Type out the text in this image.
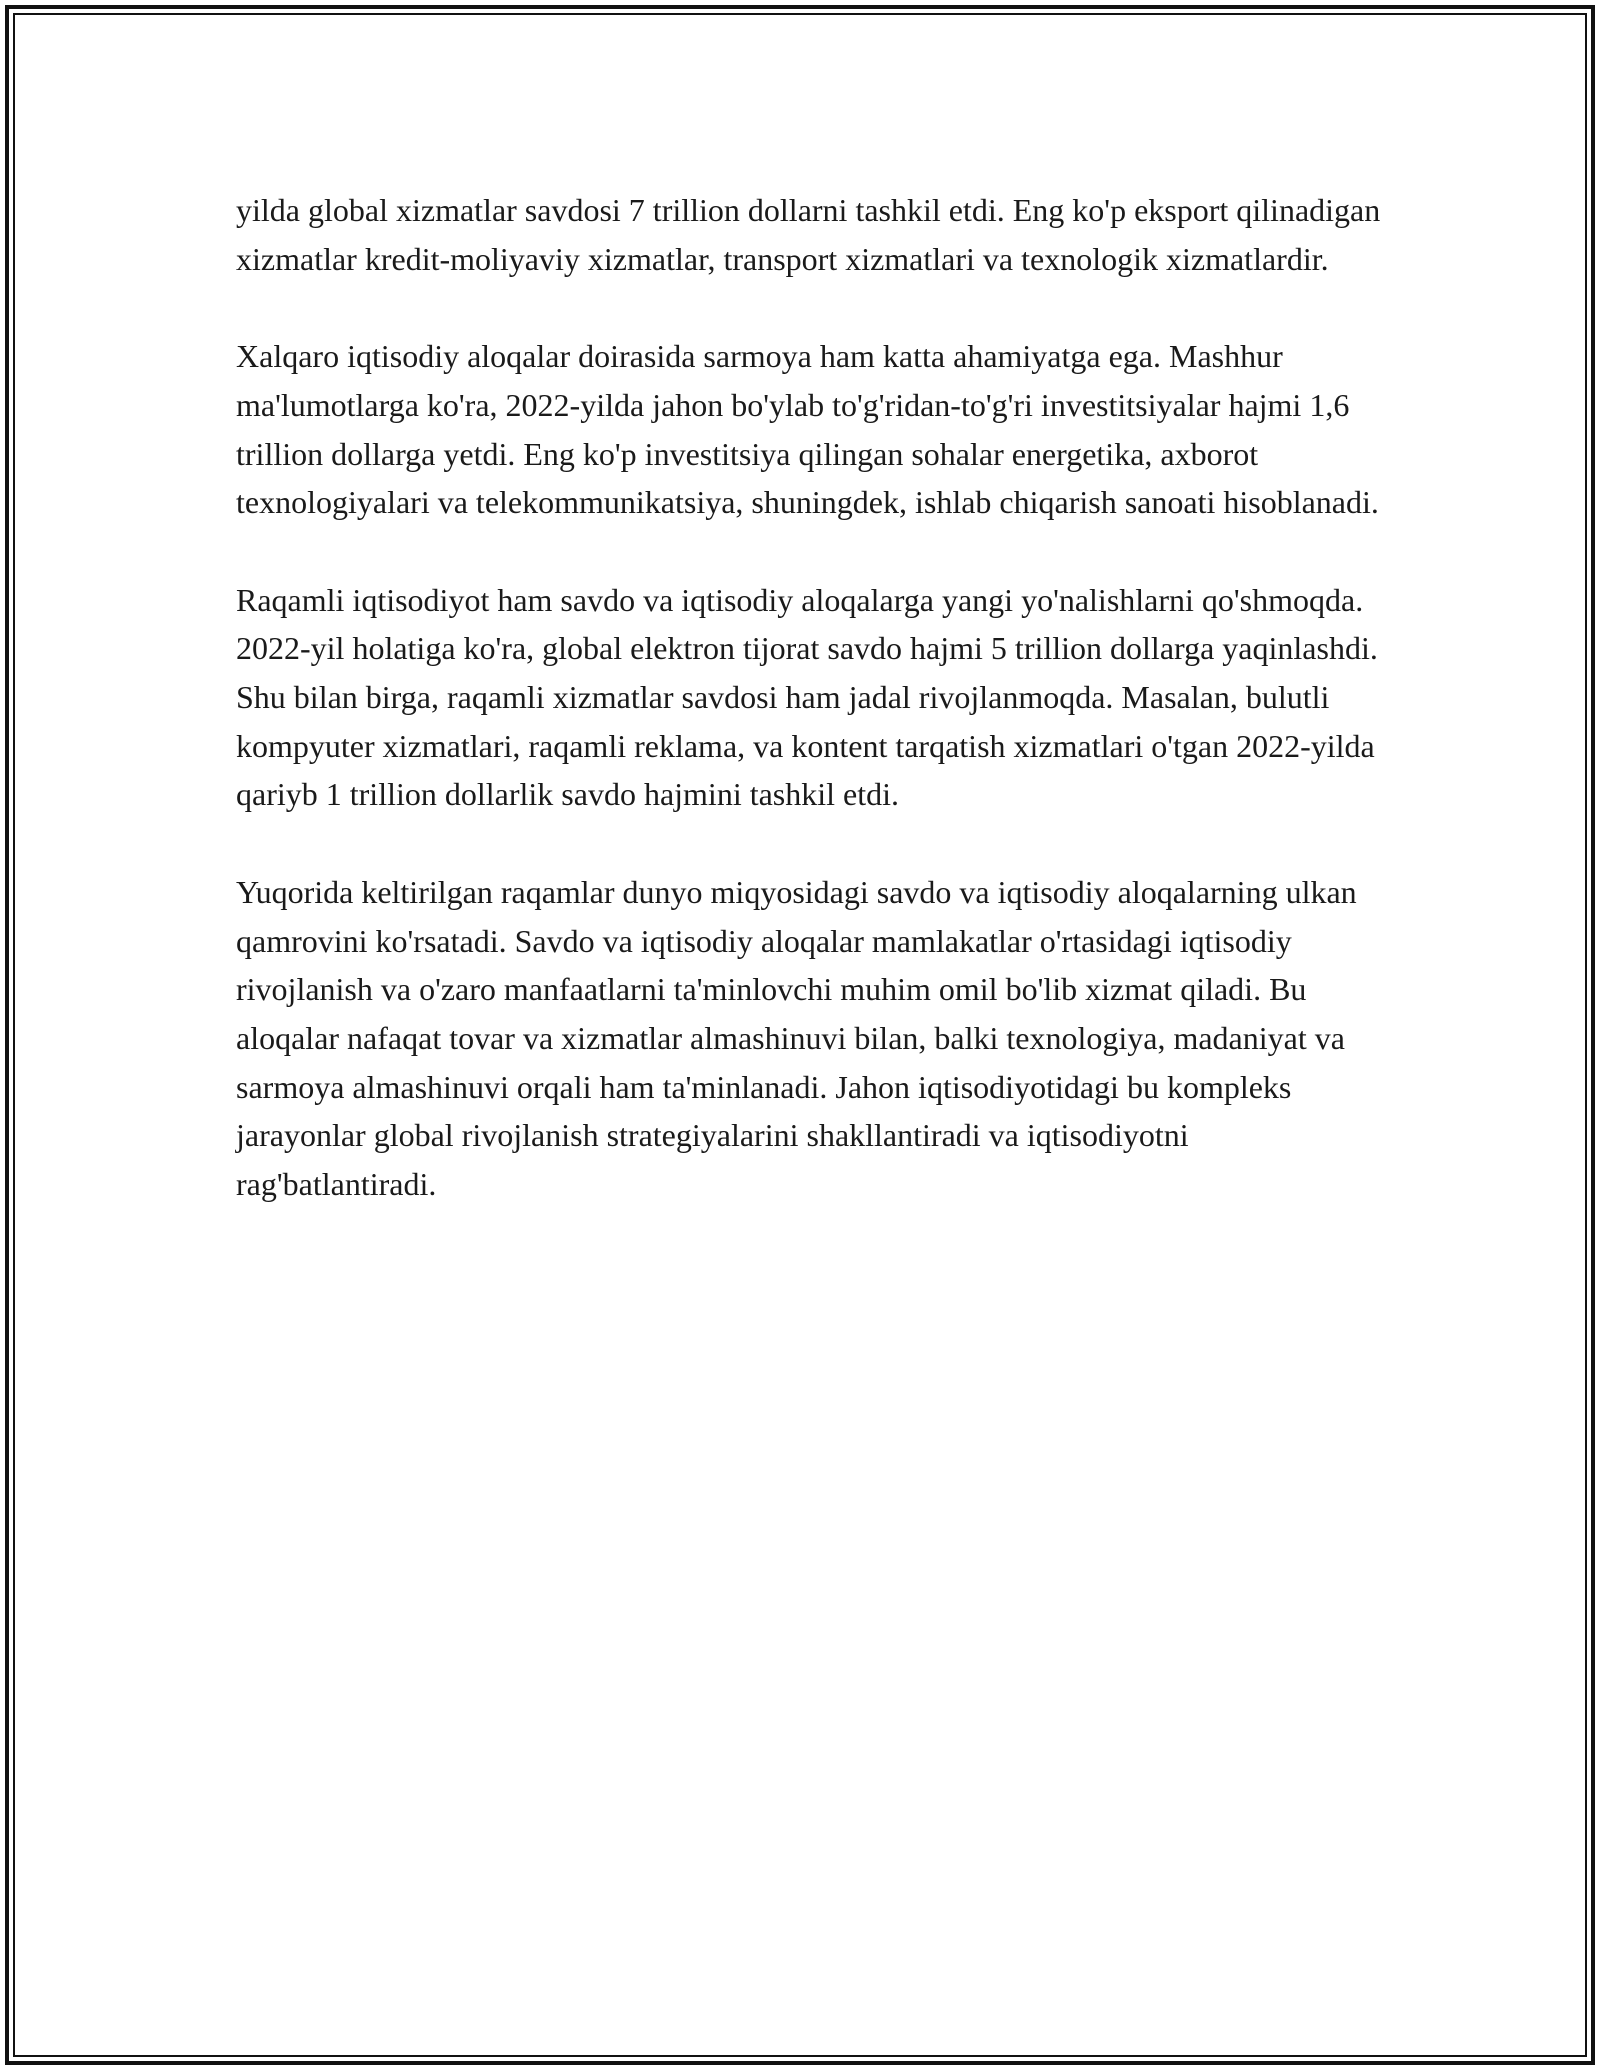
yilda global xizmatlar savdosi 7 trillion dollarni tashkil etdi. Eng ko'p eksport qilinadigan xizmatlar kredit-moliyaviy xizmatlar, transport xizmatlari va texnologik xizmatlardir.

Xalqaro iqtisodiy aloqalar doirasida sarmoya ham katta ahamiyatga ega. Mashhur ma'lumotlarga ko'ra, 2022-yilda jahon bo'ylab to'g'ridan-to'g'ri investitsiyalar hajmi 1,6 trillion dollarga yetdi. Eng ko'p investitsiya qilingan sohalar energetika, axborot texnologiyalari va telekommunikatsiya, shuningdek, ishlab chiqarish sanoati hisoblanadi.

Raqamli iqtisodiyot ham savdo va iqtisodiy aloqalarga yangi yo'nalishlarni qo'shmoqda. 2022-yil holatiga ko'ra, global elektron tijorat savdo hajmi 5 trillion dollarga yaqinlashdi. Shu bilan birga, raqamli xizmatlar savdosi ham jadal rivojlanmoqda. Masalan, bulutli kompyuter xizmatlari, raqamli reklama, va kontent tarqatish xizmatlari o'tgan 2022-yilda qariyb 1 trillion dollarlik savdo hajmini tashkil etdi.

Yuqorida keltirilgan raqamlar dunyo miqyosidagi savdo va iqtisodiy aloqalarning ulkan qamrovini ko'rsatadi. Savdo va iqtisodiy aloqalar mamlakatlar o'rtasidagi iqtisodiy rivojlanish va o'zaro manfaatlarni ta'minlovchi muhim omil bo'lib xizmat qiladi. Bu aloqalar nafaqat tovar va xizmatlar almashinuvi bilan, balki texnologiya, madaniyat va sarmoya almashinuvi orqali ham ta'minlanadi. Jahon iqtisodiyotidagi bu kompleks jarayonlar global rivojlanish strategiyalarini shakllantiradi va iqtisodiyotni rag'batlantiradi.
